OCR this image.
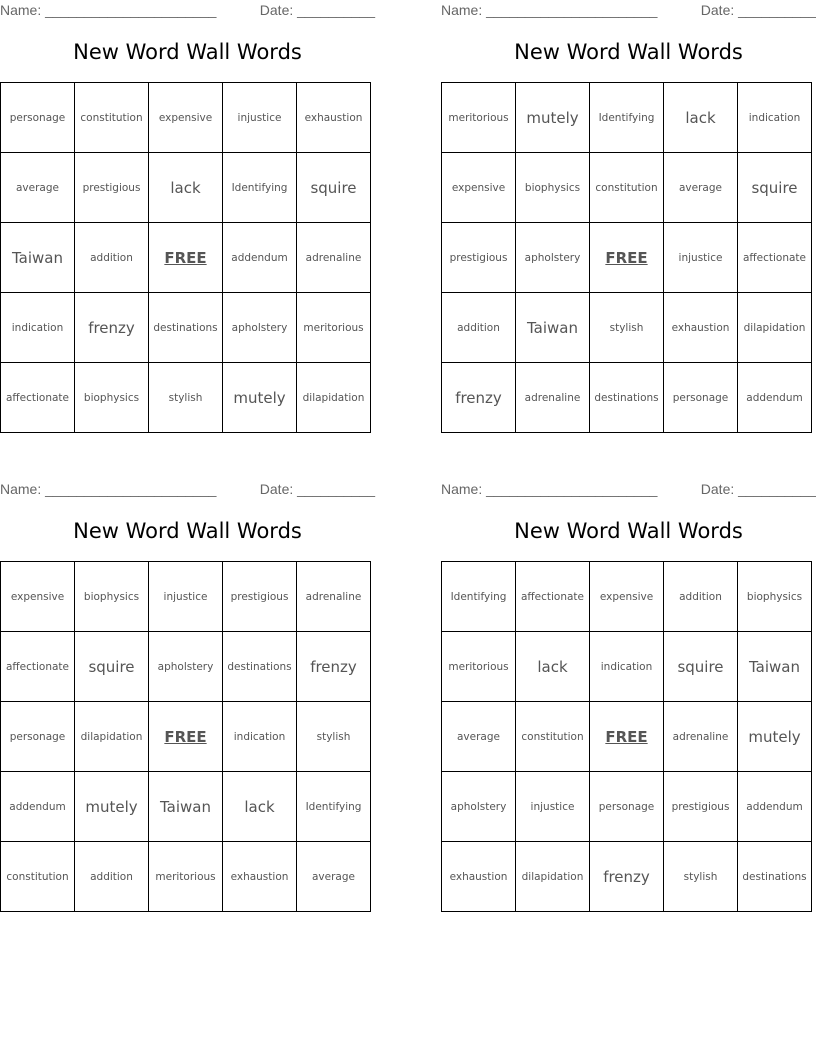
Name: ______________________	Date: __________
New Word Wall Words
personage	constitution	expensive	injustice	exhaustion
average	prestigious	lack	Identifying	squire
Taiwan	addition	FREE	addendum	adrenaline
indication	frenzy	destinations	apholstery	meritorious
affectionate	biophysics	stylish	mutely	dilapidation
Name: ______________________	Date: __________
New Word Wall Words
meritorious	mutely	Identifying	lack	indication
expensive	biophysics	constitution	average	squire
prestigious	apholstery	FREE	injustice	affectionate
addition	Taiwan	stylish	exhaustion	dilapidation
frenzy	adrenaline	destinations	personage	addendum
Name: ______________________	Date: __________
New Word Wall Words
expensive	biophysics	injustice	prestigious	adrenaline
affectionate	squire	apholstery	destinations	frenzy
personage	dilapidation	FREE	indication	stylish
addendum	mutely	Taiwan	lack	Identifying
constitution	addition	meritorious	exhaustion	average
Name: ______________________	Date: __________
New Word Wall Words
Identifying	affectionate	expensive	addition	biophysics
meritorious	lack	indication	squire	Taiwan
average	constitution	FREE	adrenaline	mutely
apholstery	injustice	personage	prestigious	addendum
exhaustion	dilapidation	frenzy	stylish	destinations
